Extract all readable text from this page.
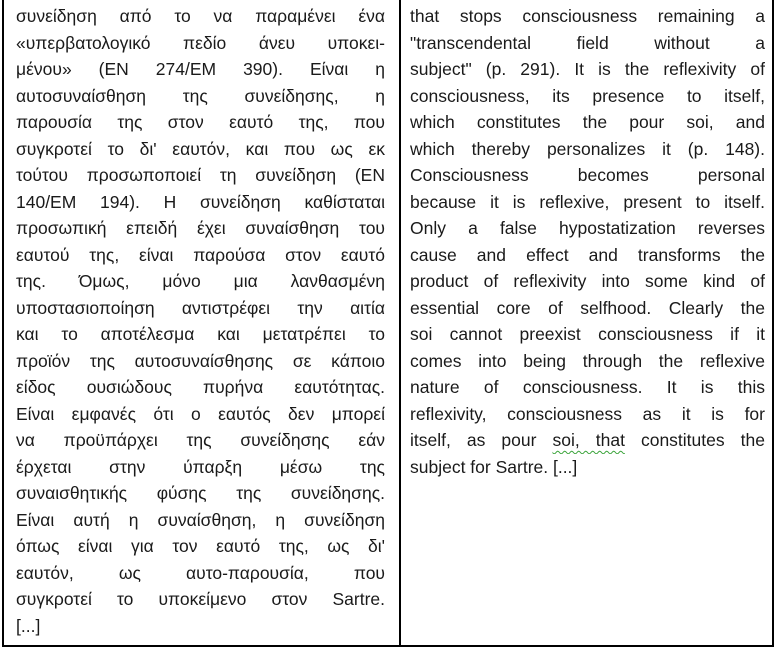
συνείδηση από το να παραμένει ένα
«υπερβατολογικό πεδίο άνευ υποκει-
μένου» (EN 274/EM 390). Είναι η
αυτοσυναίσθηση της συνείδησης, η
παρουσία της στον εαυτό της, που
συγκροτεί το δι' εαυτόν, και που ως εκ
τούτου προσωποποιεί τη συνείδηση (EN
140/EM 194). Η συνείδηση καθίσταται
προσωπική επειδή έχει συναίσθηση του
εαυτού της, είναι παρούσα στον εαυτό
της. Όμως, μόνο μια λανθασμένη
υποστασιοποίηση αντιστρέφει την αιτία
και το αποτέλεσμα και μετατρέπει το
προϊόν της αυτοσυναίσθησης σε κάποιο
είδος ουσιώδους πυρήνα εαυτότητας.
Είναι εμφανές ότι ο εαυτός δεν μπορεί
να προϋπάρχει της συνείδησης εάν
έρχεται στην ύπαρξη μέσω της
συναισθητικής φύσης της συνείδησης.
Είναι αυτή η συναίσθηση, η συνείδηση
όπως είναι για τον εαυτό της, ως δι'
εαυτόν, ως αυτο-παρουσία, που
συγκροτεί το υποκείμενο στον Sartre.
[...]
that stops consciousness remaining a
"transcendental field without a
subject" (p. 291). It is the reflexivity of
consciousness, its presence to itself,
which constitutes the pour soi, and
which thereby personalizes it (p. 148).
Consciousness becomes personal
because it is reflexive, present to itself.
Only a false hypostatization reverses
cause and effect and transforms the
product of reflexivity into some kind of
essential core of selfhood. Clearly the
soi cannot preexist consciousness if it
comes into being through the reflexive
nature of consciousness. It is this
reflexivity, consciousness as it is for
itself, as pour soi, that constitutes the
subject for Sartre. [...]
